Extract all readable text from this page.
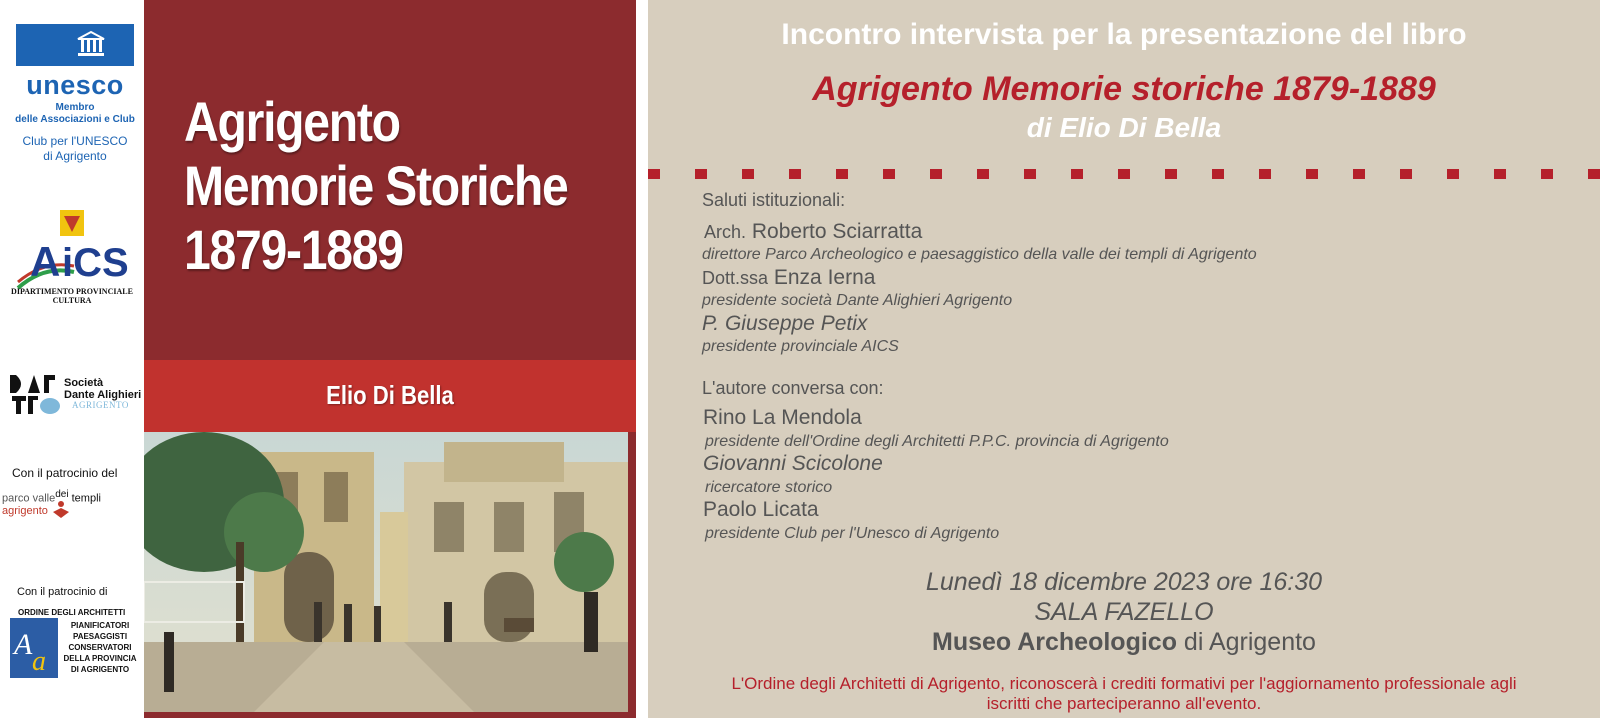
unesco
Membro
delle Associazioni e Club
Club per l'UNESCO
di Agrigento
A iCS
DIPARTIMENTO PROVINCIALE
CULTURA
Società
Dante Alighieri
AGRIGENTO
Con il patrocinio del
parco valle$^{dei}$ templi agrigento
Con il patrocinio di
ORDINE DEGLI ARCHITETTI
A
a
PIANIFICATORI
PAESAGGISTI
CONSERVATORI
DELLA PROVINCIA
DI AGRIGENTO
Agrigento
Memorie Storiche
1879-1889
Elio Di Bella
Incontro intervista per la presentazione del libro
Agrigento Memorie storiche 1879-1889
di Elio Di Bella
Saluti istituzionali:
Arch. Roberto Sciarratta
direttore Parco Archeologico e paesaggistico della valle dei templi di Agrigento
Dott.ssa Enza Ierna
presidente società Dante Alighieri Agrigento
P. Giuseppe Petix
presidente provinciale AICS
L'autore conversa con:
Rino La Mendola
presidente dell'Ordine degli Architetti P.P.C. provincia di Agrigento
Giovanni Scicolone
ricercatore storico
Paolo Licata
presidente Club per l'Unesco di Agrigento
Lunedì 18 dicembre 2023 ore 16:30
SALA FAZELLO
Museo Archeologico di Agrigento
L'Ordine degli Architetti di Agrigento, riconoscerà i crediti formativi per l'aggiornamento professionale agli
iscritti che parteciperanno all'evento.
